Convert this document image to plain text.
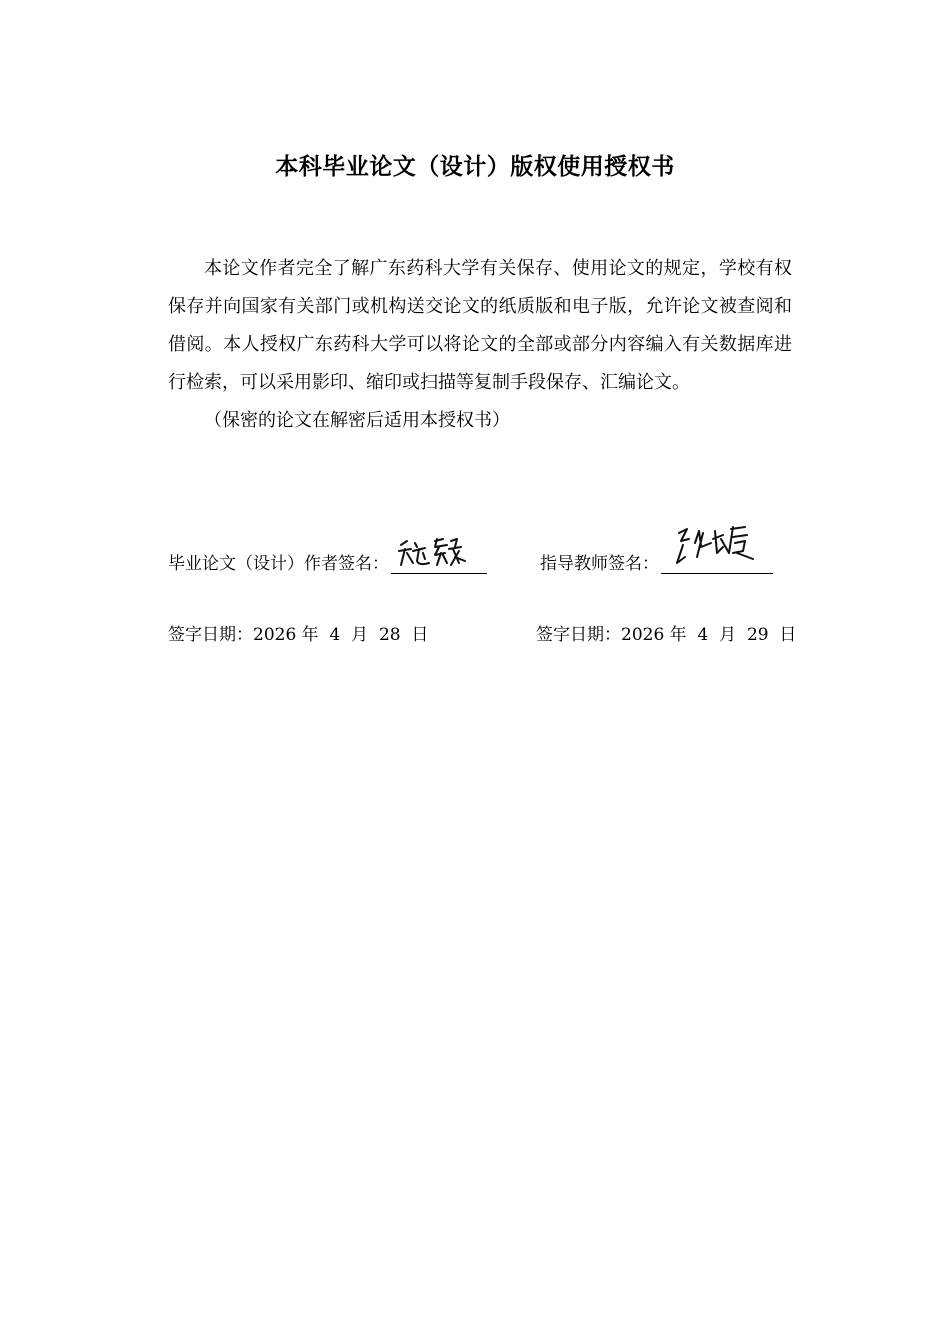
本科毕业论文（设计）版权使用授权书
本论文作者完全了解广东药科大学有关保存、使用论文的规定，学校有权保存并向国家有关部门或机构送交论文的纸质版和电子版，允许论文被查阅和借阅。本人授权广东药科大学可以将论文的全部或部分内容编入有关数据库进行检索，可以采用影印、缩印或扫描等复制手段保存、汇编论文。
（保密的论文在解密后适用本授权书）
毕业论文（设计）作者签名：	指导教师签名：
签字日期：2026 年 4 月 28 日	签字日期：2026 年 4 月 29 日
